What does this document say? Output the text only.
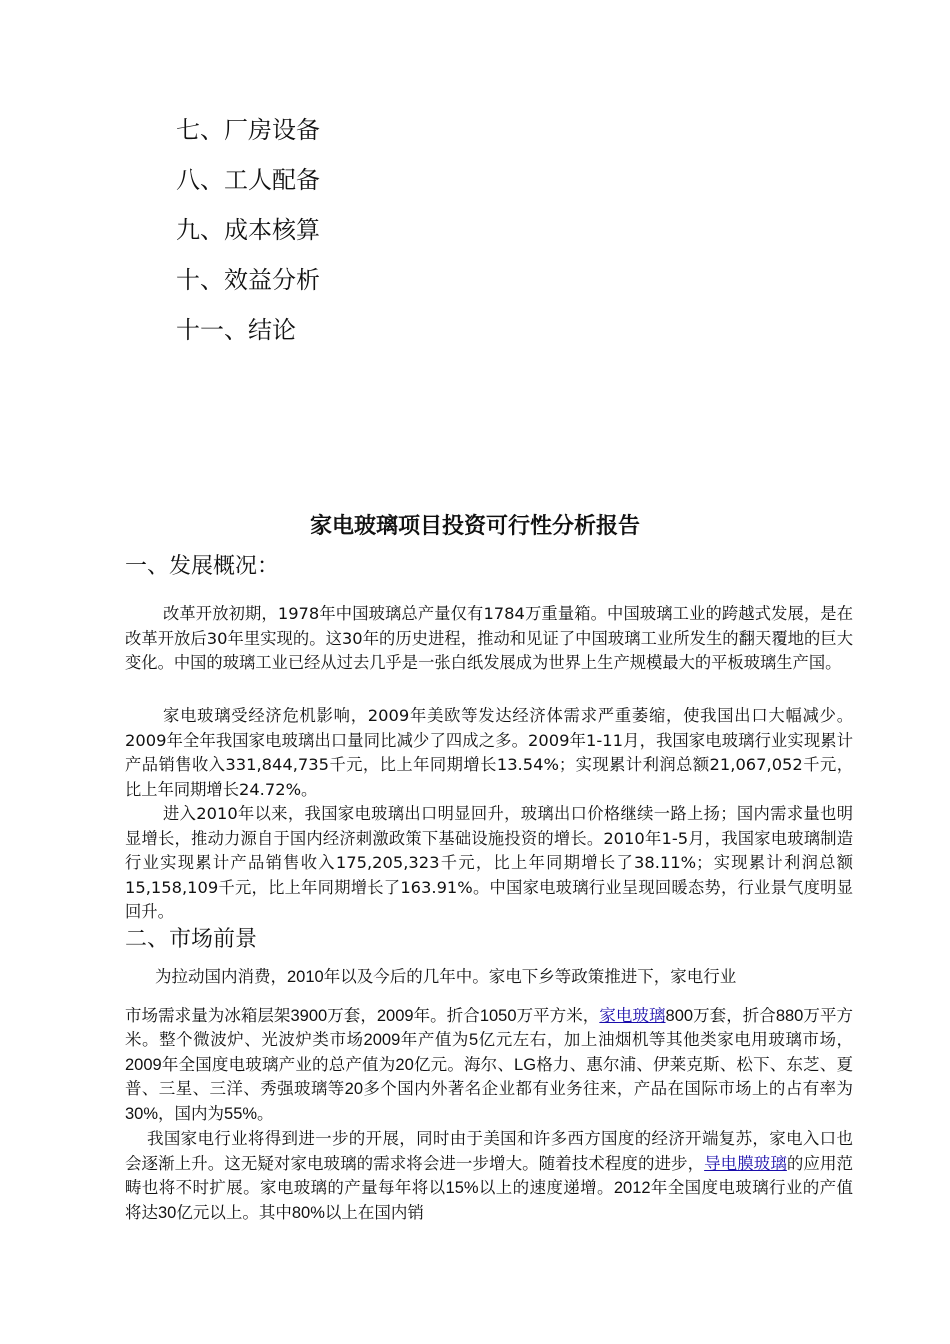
七、厂房设备
八、工人配备
九、成本核算
十、效益分析
十一、结论
家电玻璃项目投资可行性分析报告
一、发展概况：

改革开放初期，1978年中国玻璃总产量仅有1784万重量箱。中国玻璃工业的跨越式发展，是在改革开放后30年里实现的。这30年的历史进程，推动和见证了中国玻璃工业所发生的翻天覆地的巨大变化。中国的玻璃工业已经从过去几乎是一张白纸发展成为世界上生产规模最大的平板玻璃生产国。

家电玻璃受经济危机影响，2009年美欧等发达经济体需求严重萎缩，使我国出口大幅减少。2009年全年我国家电玻璃出口量同比减少了四成之多。2009年1-11月，我国家电玻璃行业实现累计产品销售收入331,844,735千元，比上年同期增长13.54%；实现累计利润总额21,067,052千元，比上年同期增长24.72%。

进入2010年以来，我国家电玻璃出口明显回升，玻璃出口价格继续一路上扬；国内需求量也明显增长，推动力源自于国内经济刺激政策下基础设施投资的增长。2010年1-5月，我国家电玻璃制造行业实现累计产品销售收入175,205,323千元，比上年同期增长了38.11%；实现累计利润总额15,158,109千元，比上年同期增长了163.91%。中国家电玻璃行业呈现回暖态势，行业景气度明显回升。

二、市场前景

为拉动国内消费，2010年以及今后的几年中。家电下乡等政策推进下，家电行业
市场需求量为冰箱层架3900万套，2009年。折合1050万平方米，家电玻璃800万套，折合880万平方米。整个微波炉、光波炉类市场2009年产值为5亿元左右，加上油烟机等其他类家电用玻璃市场，2009年全国度电玻璃产业的总产值为20亿元。海尔、LG格力、惠尔浦、伊莱克斯、松下、东芝、夏普、三星、三洋、秀强玻璃等20多个国内外著名企业都有业务往来，产品在国际市场上的占有率为30%，国内为55%。

我国家电行业将得到进一步的开展，同时由于美国和许多西方国度的经济开端复苏，家电入口也会逐渐上升。这无疑对家电玻璃的需求将会进一步增大。随着技术程度的进步，导电膜玻璃的应用范畴也将不时扩展。家电玻璃的产量每年将以15%以上的速度递增。2012年全国度电玻璃行业的产值将达30亿元以上。其中80%以上在国内销
